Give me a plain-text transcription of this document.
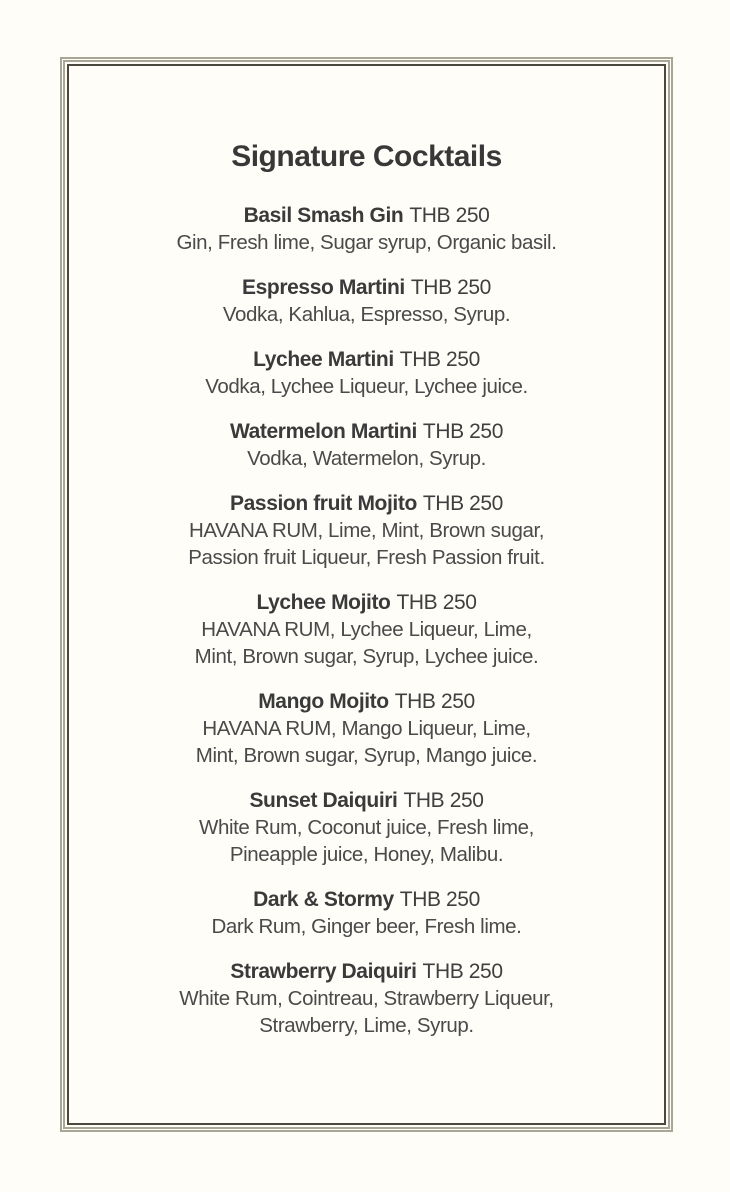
Signature Cocktails
Basil Smash Gin THB 250
Gin, Fresh lime, Sugar syrup, Organic basil.
Espresso Martini THB 250
Vodka, Kahlua, Espresso, Syrup.
Lychee Martini THB 250
Vodka, Lychee Liqueur, Lychee juice.
Watermelon Martini THB 250
Vodka, Watermelon, Syrup.
Passion fruit Mojito THB 250
HAVANA RUM, Lime, Mint, Brown sugar,
Passion fruit Liqueur, Fresh Passion fruit.
Lychee Mojito THB 250
HAVANA RUM, Lychee Liqueur, Lime,
Mint, Brown sugar, Syrup, Lychee juice.
Mango Mojito THB 250
HAVANA RUM, Mango Liqueur, Lime,
Mint, Brown sugar, Syrup, Mango juice.
Sunset Daiquiri THB 250
White Rum, Coconut juice, Fresh lime,
Pineapple juice, Honey, Malibu.
Dark & Stormy THB 250
Dark Rum, Ginger beer, Fresh lime.
Strawberry Daiquiri THB 250
White Rum, Cointreau, Strawberry Liqueur,
Strawberry, Lime, Syrup.
